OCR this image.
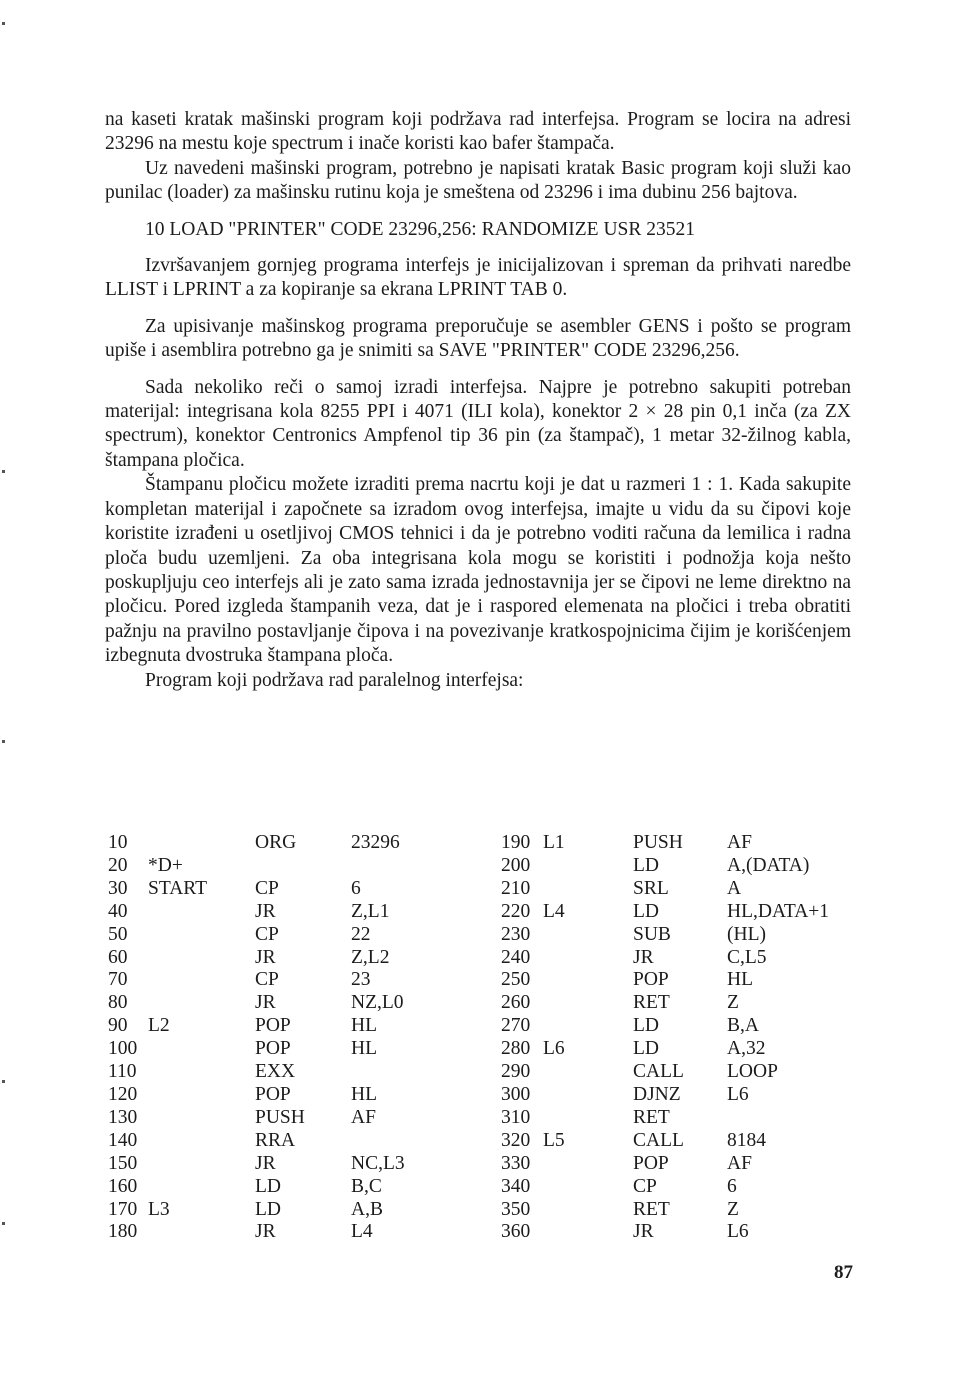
na kaseti kratak mašinski program koji podržava rad interfejsa. Program se locira na adresi 23296 na mestu koje spectrum i inače koristi kao bafer štampača.

Uz navedeni mašinski program, potrebno je napisati kratak Basic program koji služi kao punilac (loader) za mašinsku rutinu koja je smeštena od 23296 i ima dubinu 256 bajtova.

10 LOAD "PRINTER" CODE 23296,256: RANDOMIZE USR 23521

Izvršavanjem gornjeg programa interfejs je inicijalizovan i spreman da prihvati naredbe LLIST i LPRINT a za kopiranje sa ekrana LPRINT TAB 0.

Za upisivanje mašinskog programa preporučuje se asembler GENS i pošto se program upiše i asemblira potrebno ga je snimiti sa SAVE "PRINTER" CODE 23296,256.

Sada nekoliko reči o samoj izradi interfejsa. Najpre je potrebno sakupiti potreban materijal: integrisana kola 8255 PPI i 4071 (ILI kola), konektor 2 × 28 pin 0,1 inča (za ZX spectrum), konektor Centronics Ampfenol tip 36 pin (za štampač), 1 metar 32-žilnog kabla, štampana pločica.

Štampanu pločicu možete izraditi prema nacrtu koji je dat u razmeri 1 : 1. Kada sakupite kompletan materijal i započnete sa izradom ovog interfejsa, imajte u vidu da su čipovi koje koristite izrađeni u osetljivoj CMOS tehnici i da je potrebno voditi računa da lemilica i radna ploča budu uzemljeni. Za oba integrisana kola mogu se koristiti i podnožja koja nešto poskupljuju ceo interfejs ali je zato sama izrada jednostavnija jer se čipovi ne leme direktno na pločicu. Pored izgleda štampanih veza, dat je i raspored elemenata na pločici i treba obratiti pažnju na pravilno postavljanje čipova i na povezivanje kratkospojnicima čijim je korišćenjem izbegnuta dvostruka štampana ploča.

Program koji podržava rad paralelnog interfejsa:

10		ORG	23296	190	L1	PUSH	AF
20	*D+			200		LD	A,(DATA)
30	START	CP	6	210		SRL	A
40		JR	Z,L1	220	L4	LD	HL,DATA+1
50		CP	22	230		SUB	(HL)
60		JR	Z,L2	240		JR	C,L5
70		CP	23	250		POP	HL
80		JR	NZ,L0	260		RET	Z
90	L2	POP	HL	270		LD	B,A
100		POP	HL	280	L6	LD	A,32
110		EXX		290		CALL	LOOP
120		POP	HL	300		DJNZ	L6
130		PUSH	AF	310		RET	
140		RRA		320	L5	CALL	8184
150		JR	NC,L3	330		POP	AF
160		LD	B,C	340		CP	6
170	L3	LD	A,B	350		RET	Z
180		JR	L4	360		JR	L6
87
